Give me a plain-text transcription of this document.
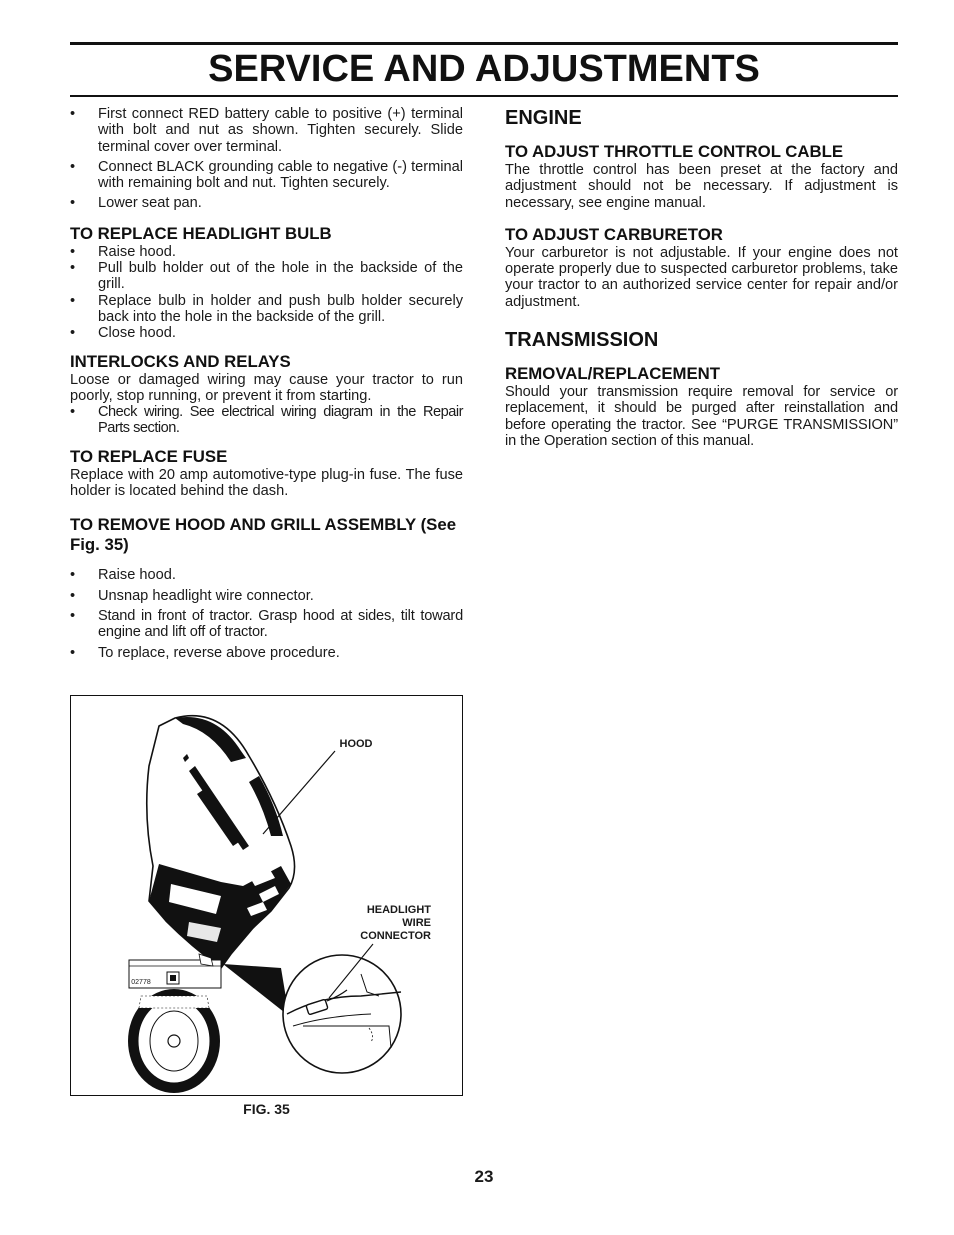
SERVICE AND ADJUSTMENTS
• First connect RED battery cable to positive (+) terminal with bolt and nut as shown. Tighten securely. Slide terminal cover over terminal.
• Connect BLACK grounding cable to negative (-) terminal with remaining bolt and nut. Tighten securely.
• Lower seat pan.
TO REPLACE HEADLIGHT BULB
• Raise hood.
• Pull bulb holder out of the hole in the backside of the grill.
• Replace bulb in holder and push bulb holder securely back into the hole in the backside of the grill.
• Close hood.
INTERLOCKS AND RELAYS

Loose or damaged wiring may cause your tractor to run poorly, stop running, or prevent it from starting.

• Check wiring. See electrical wiring diagram in the Repair Parts section.
TO REPLACE FUSE

Replace with 20 amp automotive-type plug-in fuse. The fuse holder is located behind the dash.

TO REMOVE HOOD AND GRILL ASSEMBLY (See Fig. 35)
• Raise hood.
• Unsnap headlight wire connector.
• Stand in front of tractor. Grasp hood at sides, tilt toward engine and lift off of tractor.
• To replace, reverse above procedure.
HOOD
HEADLIGHT
WIRE
CONNECTOR
02778
FIG. 35
ENGINE
TO ADJUST THROTTLE CONTROL CABLE

The throttle control has been preset at the factory and adjustment should not be necessary. If adjustment is necessary, see engine manual.

TO ADJUST CARBURETOR

Your carburetor is not adjustable. If your engine does not operate properly due to suspected carburetor problems, take your tractor to an authorized service center for repair and/or adjustment.

TRANSMISSION
REMOVAL/REPLACEMENT

Should your transmission require removal for service or replacement, it should be purged after reinstallation and before operating the tractor. See “PURGE TRANSMISSION” in the Operation section of this manual.

23
